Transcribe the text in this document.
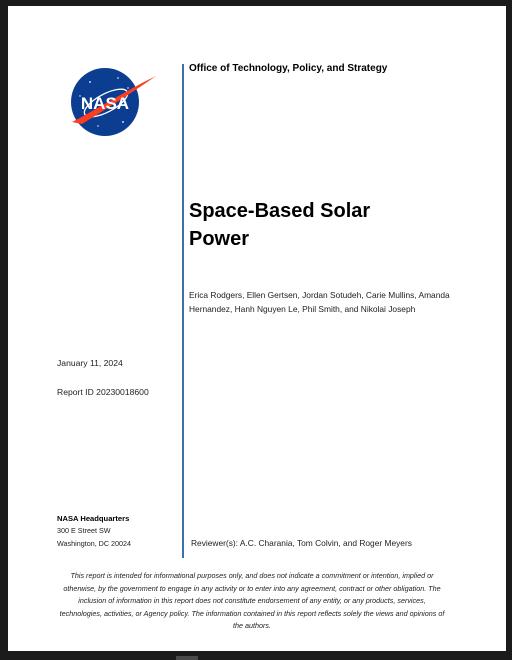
NASA
Office of Technology, Policy, and Strategy
Space-Based Solar
Power
Erica Rodgers, Ellen Gertsen, Jordan Sotudeh, Carie Mullins, Amanda Hernandez, Hanh Nguyen Le, Phil Smith, and Nikolai Joseph
January 11, 2024
Report ID 20230018600
NASA Headquarters
300 E Street SW
Washington, DC 20024	Reviewer(s): A.C. Charania, Tom Colvin, and Roger Meyers
This report is intended for informational purposes only, and does not indicate a commitment or intention, implied or otherwise, by the government to engage in any activity or to enter into any agreement, contract or other obligation. The inclusion of information in this report does not constitute endorsement of any entity, or any products, services, technologies, activities, or Agency policy. The information contained in this report reflects solely the views and opinions of the authors.
